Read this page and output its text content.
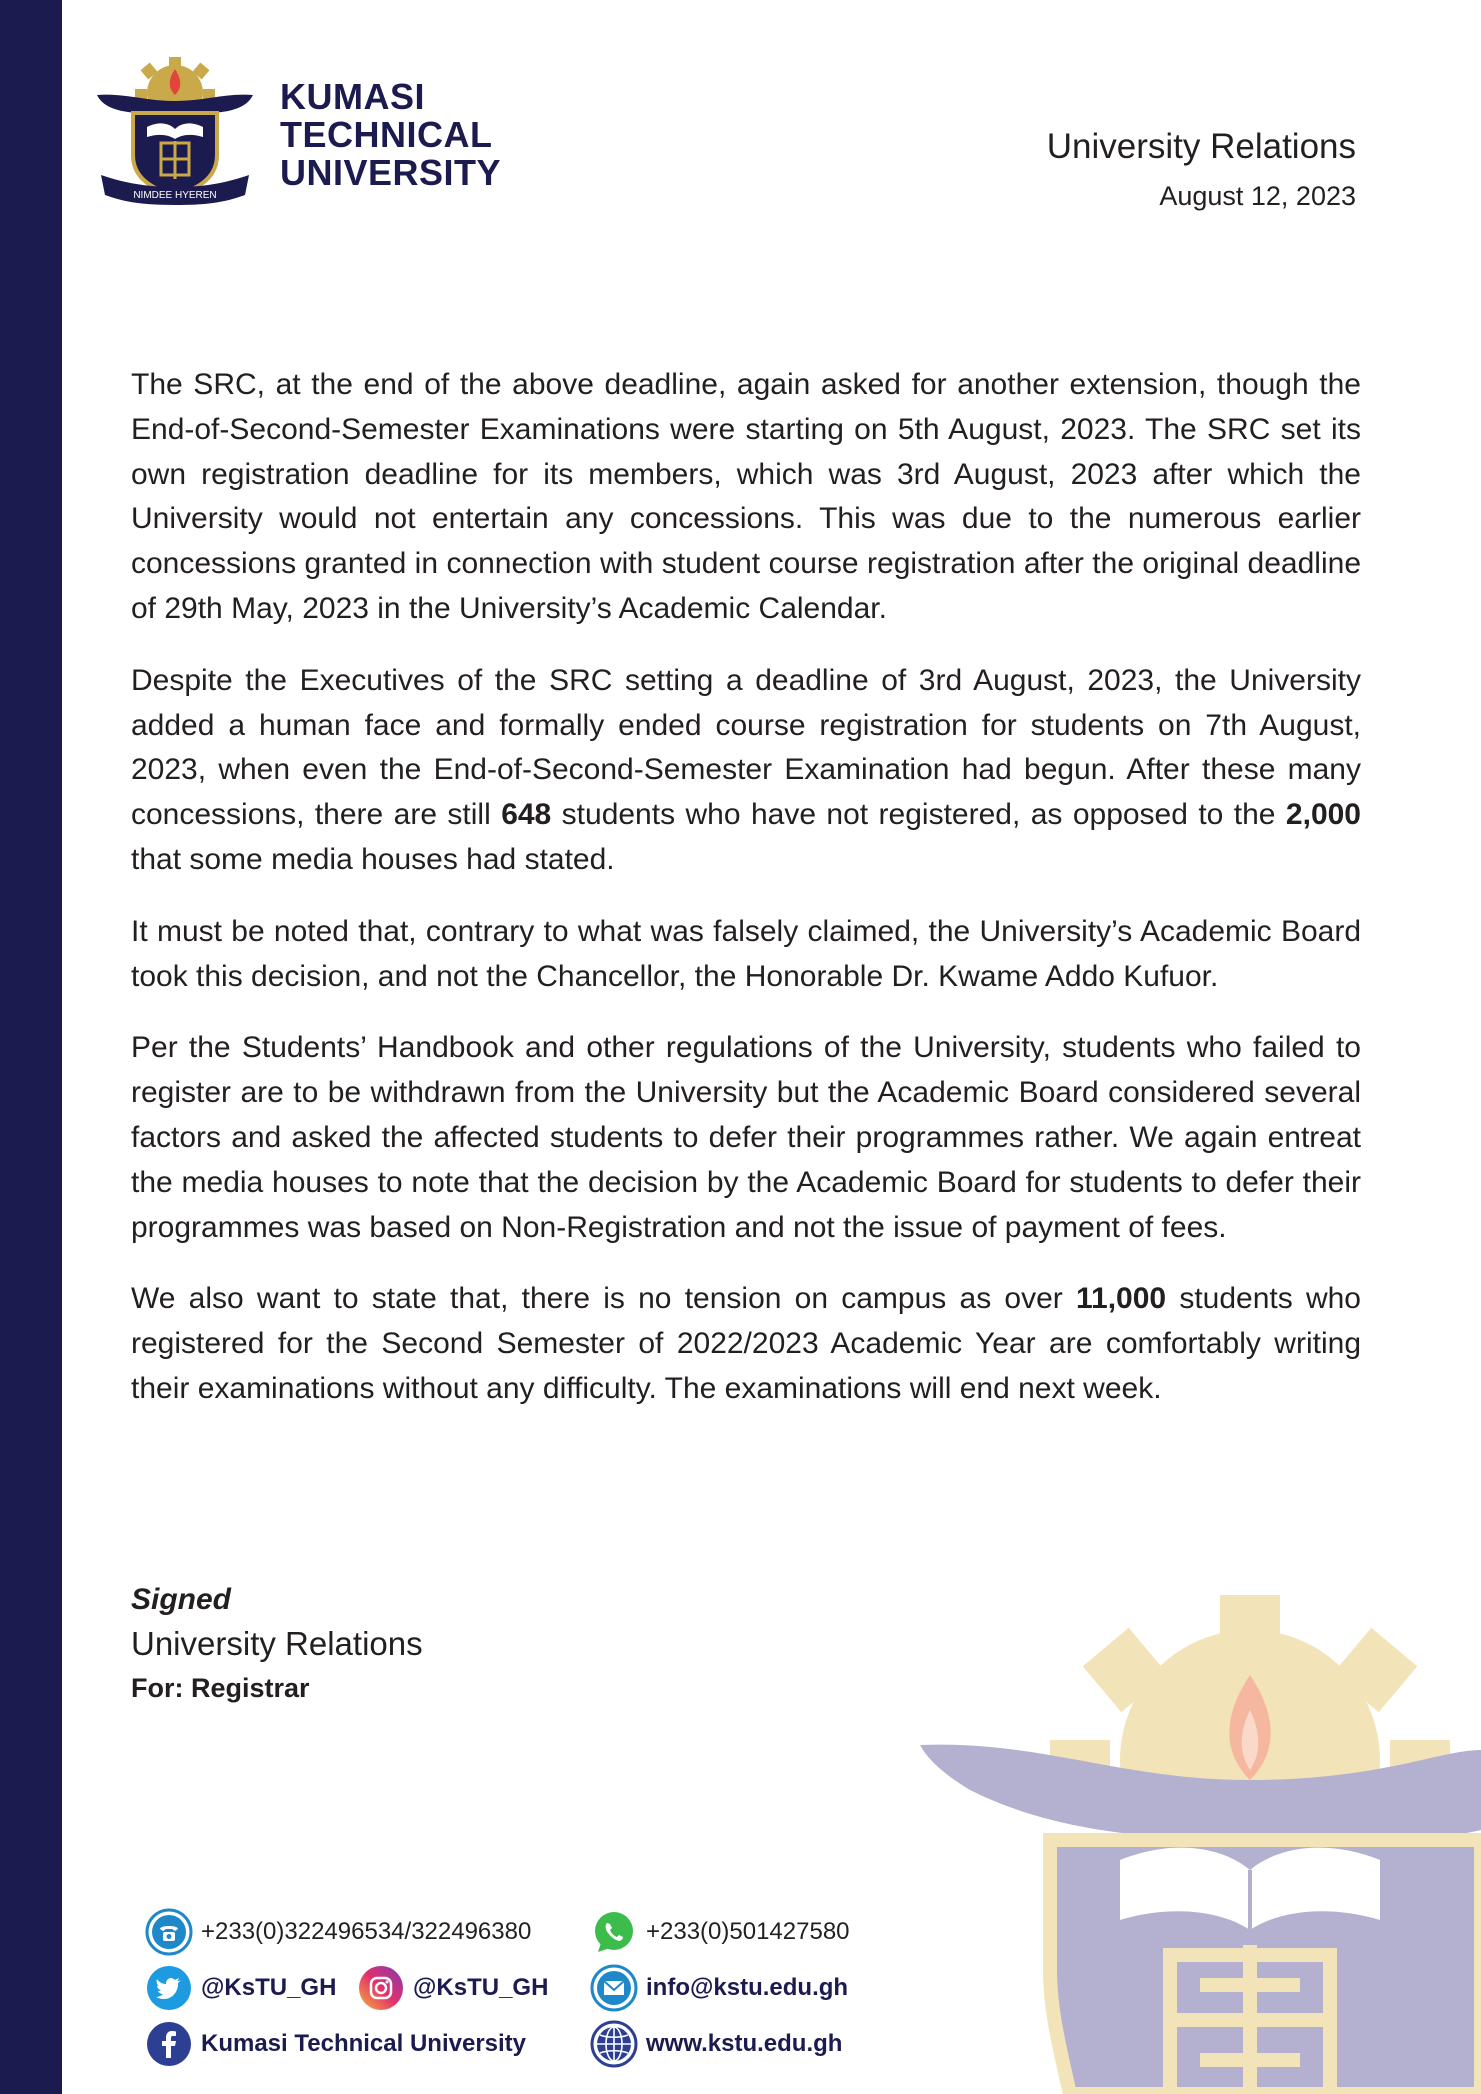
NIMDEE HYEREN
KUMASI
TECHNICAL
UNIVERSITY
University Relations
August 12, 2023

The SRC, at the end of the above deadline, again asked for another extension, though the End-of-Second-Semester Examinations were starting on 5th August, 2023. The SRC set its own registration deadline for its members, which was 3rd August, 2023 after which the University would not entertain any concessions. This was due to the numerous earlier concessions granted in connection with student course registration after the original deadline of 29th May, 2023 in the University’s Academic Calendar.

Despite the Executives of the SRC setting a deadline of 3rd August, 2023, the University added a human face and formally ended course registration for students on 7th August, 2023, when even the End-of-Second-Semester Examination had begun. After these many concessions, there are still 648 students who have not registered, as opposed to the 2,000 that some media houses had stated.

It must be noted that, contrary to what was falsely claimed, the University’s Academic Board took this decision, and not the Chancellor, the Honorable Dr. Kwame Addo Kufuor.

Per the Students’ Handbook and other regulations of the University, students who failed to register are to be withdrawn from the University but the Academic Board considered several factors and asked the affected students to defer their programmes rather. We again entreat the media houses to note that the decision by the Academic Board for students to defer their programmes was based on Non-Registration and not the issue of payment of fees.

We also want to state that, there is no tension on campus as over 11,000 students who registered for the Second Semester of 2022/2023 Academic Year are comfortably writing their examinations without any difficulty. The examinations will end next week.

Signed
University Relations
For: Registrar
+233(0)322496534/322496380	+233(0)501427580
@KsTU_GH	@KsTU_GH	info@kstu.edu.gh
Kumasi Technical University	www.kstu.edu.gh
